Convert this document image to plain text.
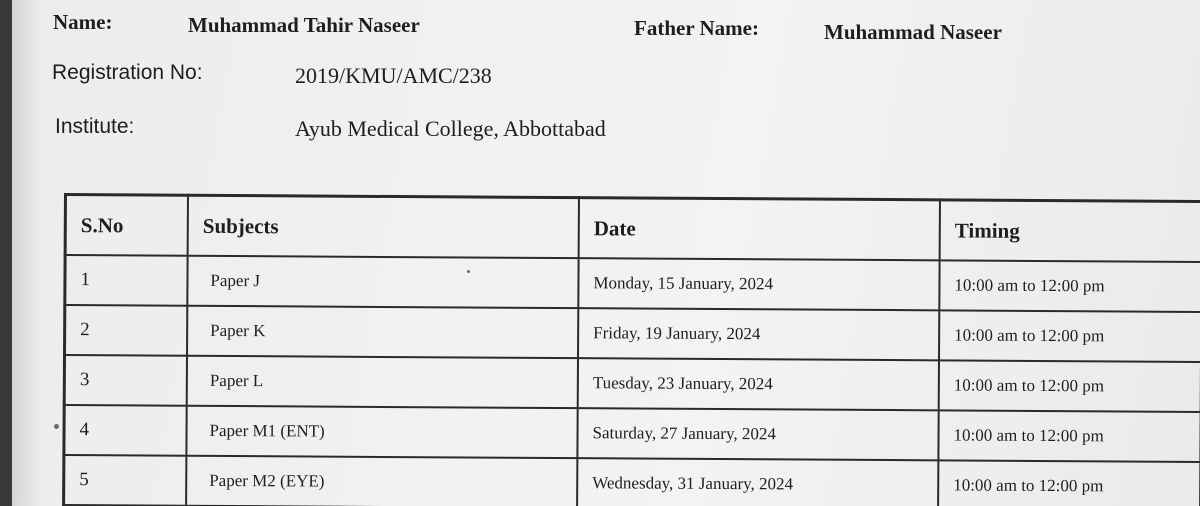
Name:	Muhammad Tahir Naseer	Father Name:	Muhammad Naseer
Registration No:	2019/KMU/AMC/238
Institute:	Ayub Medical College, Abbottabad
S.No	Subjects	Date	Timing
1	Paper J	Monday, 15 January, 2024	10:00 am to 12:00 pm
2	Paper K	Friday, 19 January, 2024	10:00 am to 12:00 pm
3	Paper L	Tuesday, 23 January, 2024	10:00 am to 12:00 pm
4	Paper M1 (ENT)	Saturday, 27 January, 2024	10:00 am to 12:00 pm
5	Paper M2 (EYE)	Wednesday, 31 January, 2024	10:00 am to 12:00 pm
